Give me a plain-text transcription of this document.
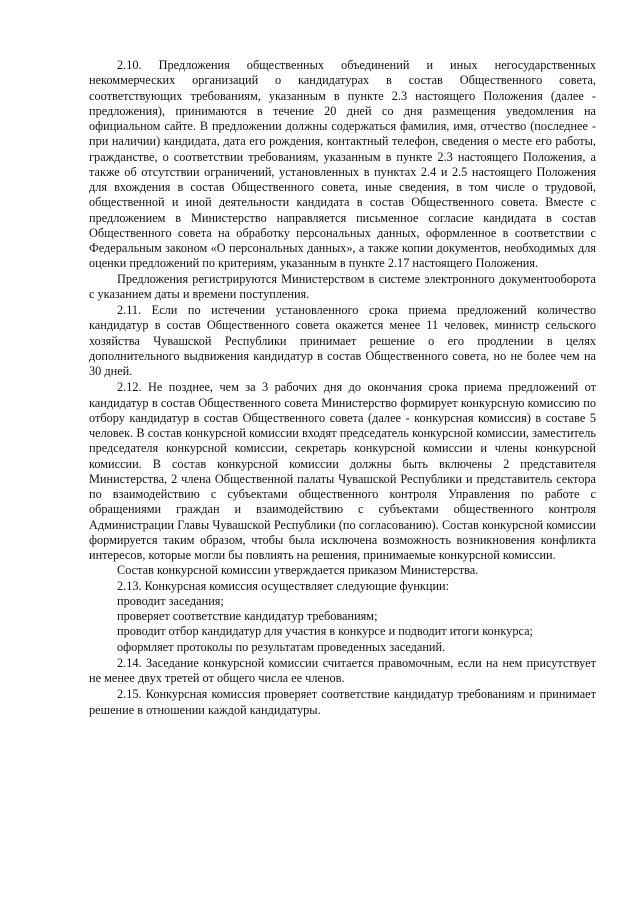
2.10. Предложения общественных объединений и иных негосударственных некоммерческих организаций о кандидатурах в состав Общественного совета, соответствующих требованиям, указанным в пункте 2.3 настоящего Положения (далее - предложения), принимаются в течение 20 дней со дня размещения уведомления на официальном сайте. В предложении должны содержаться фамилия, имя, отчество (последнее - при наличии) кандидата, дата его рождения, контактный телефон, сведения о месте его работы, гражданстве, о соответствии требованиям, указанным в пункте 2.3 настоящего Положения, а также об отсутствии ограничений, установленных в пунктах 2.4 и 2.5 настоящего Положения для вхождения в состав Общественного совета, иные сведения, в том числе о трудовой, общественной и иной деятельности кандидата в состав Общественного совета. Вместе с предложением в Министерство направляется письменное согласие кандидата в состав Общественного совета на обработку персональных данных, оформленное в соответствии с Федеральным законом «О персональных данных», а также копии документов, необходимых для оценки предложений по критериям, указанным в пункте 2.17 настоящего Положения.

Предложения регистрируются Министерством в системе электронного документооборота с указанием даты и времени поступления.

2.11. Если по истечении установленного срока приема предложений количество кандидатур в состав Общественного совета окажется менее 11 человек, министр сельского хозяйства Чувашской Республики принимает решение о его продлении в целях дополнительного выдвижения кандидатур в состав Общественного совета, но не более чем на 30 дней.

2.12. Не позднее, чем за 3 рабочих дня до окончания срока приема предложений от кандидатур в состав Общественного совета Министерство формирует конкурсную комиссию по отбору кандидатур в состав Общественного совета (далее - конкурсная комиссия) в составе 5 человек. В состав конкурсной комиссии входят председатель конкурсной комиссии, заместитель председателя конкурсной комиссии, секретарь конкурсной комиссии и члены конкурсной комиссии. В состав конкурсной комиссии должны быть включены 2 представителя Министерства, 2 члена Общественной палаты Чувашской Республики и представитель сектора по взаимодействию с субъектами общественного контроля Управления по работе с обращениями граждан и взаимодействию с субъектами общественного контроля Администрации Главы Чувашской Республики (по согласованию). Состав конкурсной комиссии формируется таким образом, чтобы была исключена возможность возникновения конфликта интересов, которые могли бы повлиять на решения, принимаемые конкурсной комиссии.

Состав конкурсной комиссии утверждается приказом Министерства.

2.13. Конкурсная комиссия осуществляет следующие функции:

проводит заседания;

проверяет соответствие кандидатур требованиям;

проводит отбор кандидатур для участия в конкурсе и подводит итоги конкурса;

оформляет протоколы по результатам проведенных заседаний.

2.14. Заседание конкурсной комиссии считается правомочным, если на нем присутствует не менее двух третей от общего числа ее членов.

2.15. Конкурсная комиссия проверяет соответствие кандидатур требованиям и принимает решение в отношении каждой кандидатуры.
